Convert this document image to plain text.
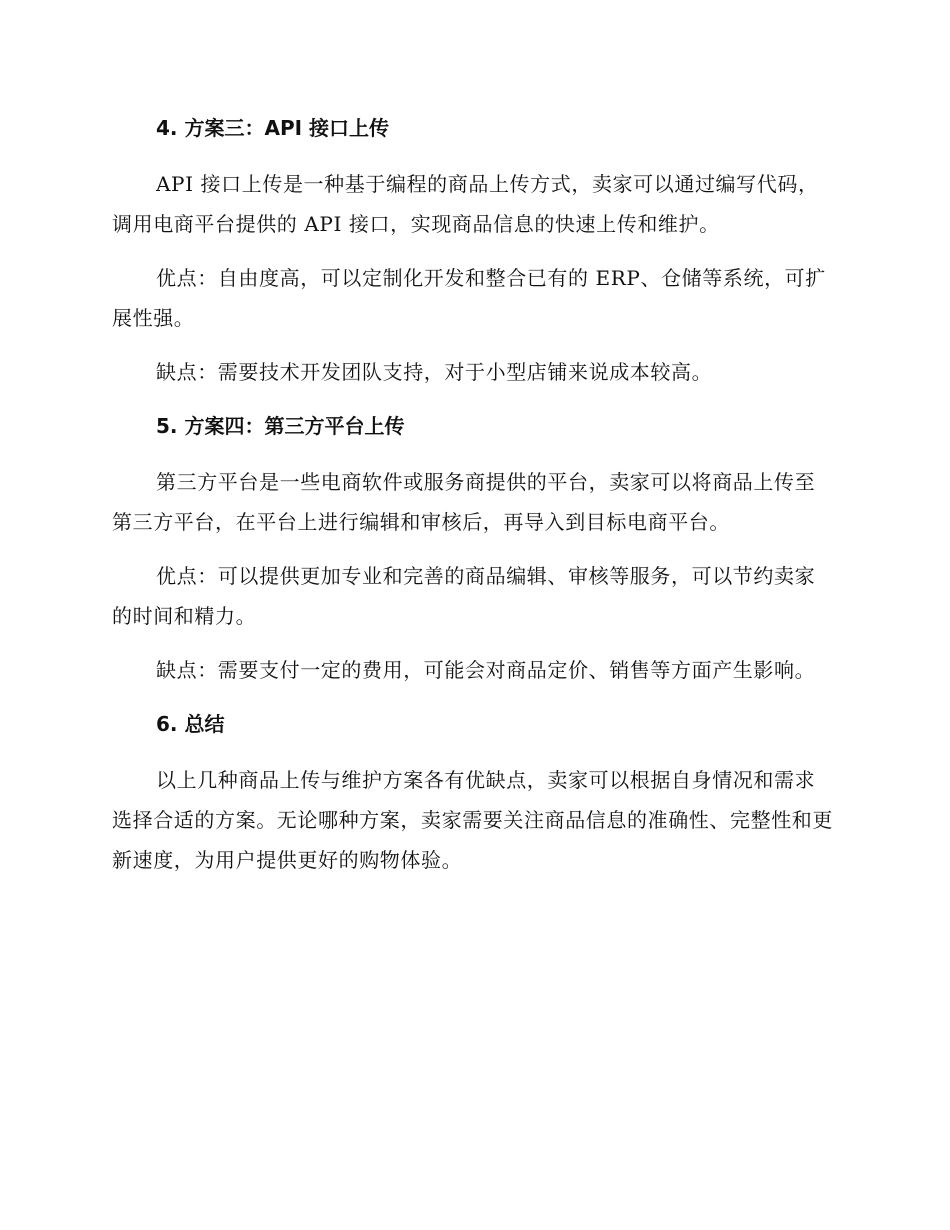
4. 方案三：API 接口上传

API 接口上传是一种基于编程的商品上传方式，卖家可以通过编写代码，调用电商平台提供的 API 接口，实现商品信息的快速上传和维护。

优点：自由度高，可以定制化开发和整合已有的 ERP、仓储等系统，可扩展性强。

缺点：需要技术开发团队支持，对于小型店铺来说成本较高。

5. 方案四：第三方平台上传

第三方平台是一些电商软件或服务商提供的平台，卖家可以将商品上传至第三方平台，在平台上进行编辑和审核后，再导入到目标电商平台。

优点：可以提供更加专业和完善的商品编辑、审核等服务，可以节约卖家的时间和精力。

缺点：需要支付一定的费用，可能会对商品定价、销售等方面产生影响。

6. 总结

以上几种商品上传与维护方案各有优缺点，卖家可以根据自身情况和需求选择合适的方案。无论哪种方案，卖家需要关注商品信息的准确性、完整性和更新速度，为用户提供更好的购物体验。
